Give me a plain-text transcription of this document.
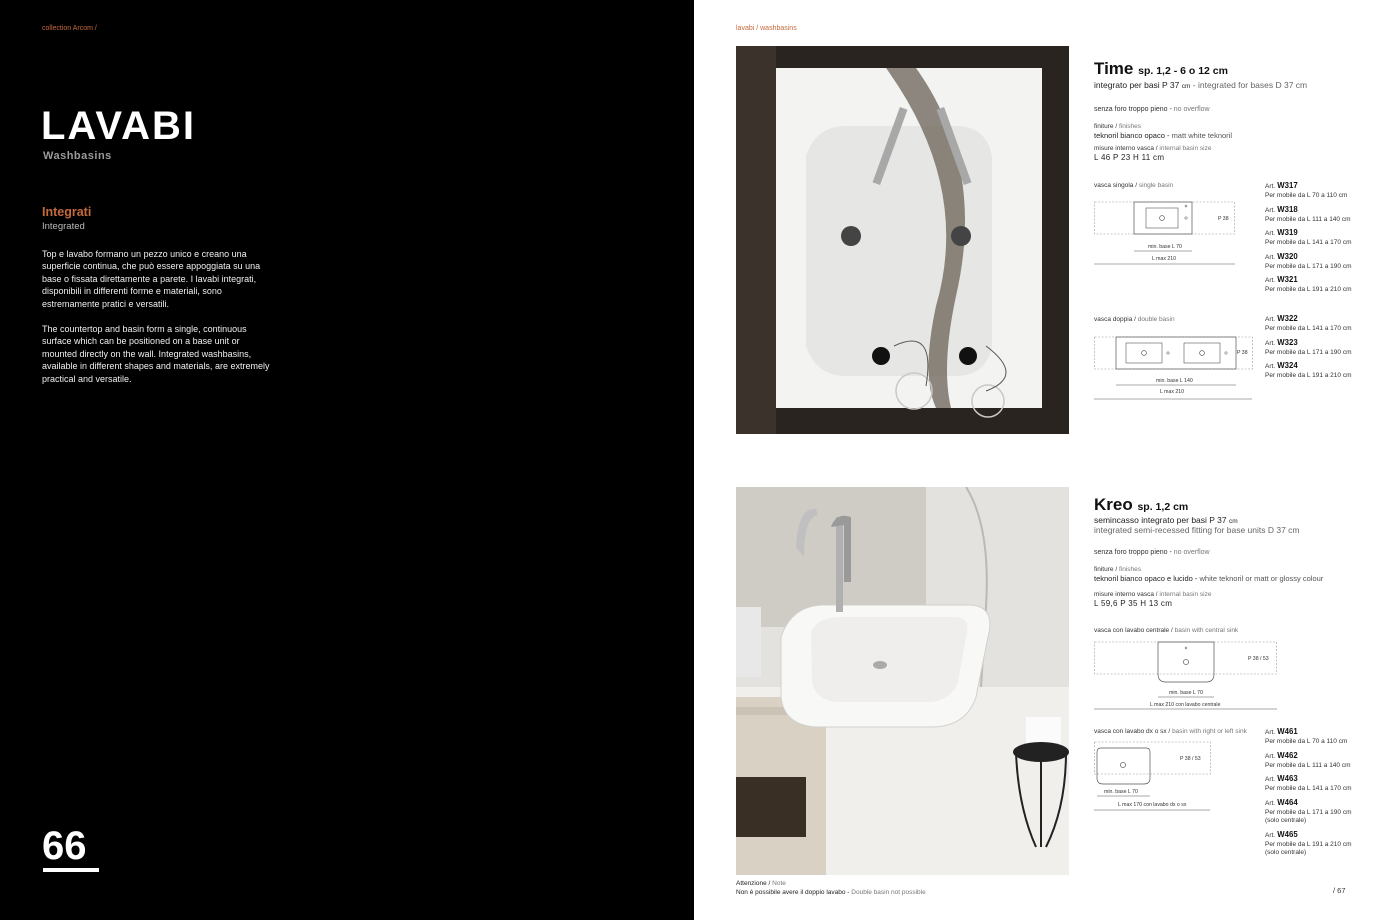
collection Arcom /
LAVABI
Washbasins
Integrati
Integrated

Top e lavabo formano un pezzo unico e creano una superficie continua, che può essere appoggiata su una base o fissata direttamente a parete. I lavabi integrati, disponibili in differenti forme e materiali, sono estremamente pratici e versatili.

The countertop and basin form a single, continuous surface which can be positioned on a base unit or mounted directly on the wall. Integrated washbasins, available in different shapes and materials, are extremely practical and versatile.

66
lavabi / washbasins
Time sp. 1,2 - 6 o 12 cm
integrato per basi P 37 cm - integrated for bases D 37 cm
senza foro troppo pieno - no overflow
finiture / finishes
teknoril bianco opaco - matt white teknoril
misure interno vasca / internal basin size
L 46 P 23 H 11 cm
vasca singola / single basin
P 38
min. base L 70
L max 210
Art. W317
Per mobile da L 70 a 110 cm
Art. W318
Per mobile da L 111 a 140 cm
Art. W319
Per mobile da L 141 a 170 cm
Art. W320
Per mobile da L 171 a 190 cm
Art. W321
Per mobile da L 191 a 210 cm
vasca doppia / double basin
P 38
min. base L 140
L max 210
Art. W322
Per mobile da L 141 a 170 cm
Art. W323
Per mobile da L 171 a 190 cm
Art. W324
Per mobile da L 191 a 210 cm
Kreo sp. 1,2 cm
semincasso integrato per basi P 37 cm
integrated semi-recessed fitting for base units D 37 cm
senza foro troppo pieno - no overflow
finiture / finishes
teknoril bianco opaco e lucido - white teknoril or matt or glossy colour
misure interno vasca / internal basin size
L 59,6 P 35 H 13 cm
vasca con lavabo centrale / basin with central sink
P 38 / 53
min. base L 70
L max 210 con lavabo centrale
vasca con lavabo dx o sx / basin with right or left sink
P 38 / 53
min. base L 70
L max 170 con lavabo dx o sx
Art. W461
Per mobile da L 70 a 110 cm
Art. W462
Per mobile da L 111 a 140 cm
Art. W463
Per mobile da L 141 a 170 cm
Art. W464
Per mobile da L 171 a 190 cm
(solo centrale)
Art. W465
Per mobile da L 191 a 210 cm
(solo centrale)
Attenzione / Note
Non è possibile avere il doppio lavabo - Double basin not possible	/ 67
